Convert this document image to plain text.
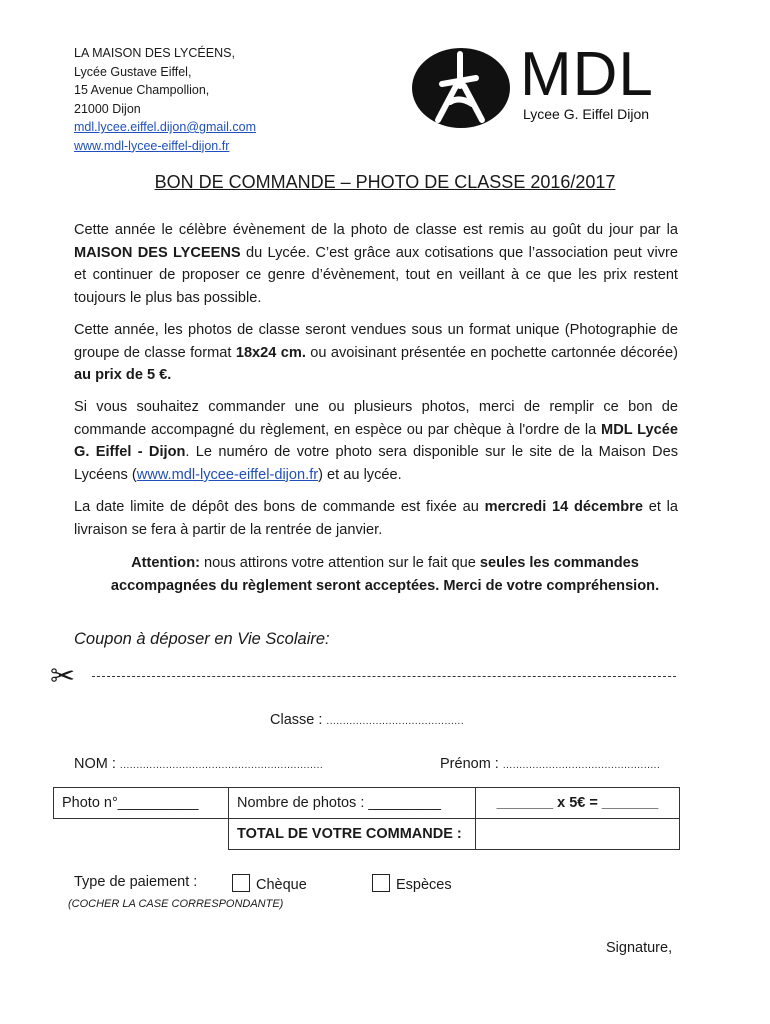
LA MAISON DES LYCÉENS,
Lycée Gustave Eiffel,
15 Avenue Champollion,
21000 Dijon
mdl.lycee.eiffel.dijon@gmail.com
www.mdl-lycee-eiffel-dijon.fr
MDL
Lycee G. Eiffel Dijon
BON DE COMMANDE – PHOTO DE CLASSE 2016/2017
Cette année le célèbre évènement de la photo de classe est remis au goût du jour par la MAISON DES LYCEENS du Lycée. C’est grâce aux cotisations que l’association peut vivre et continuer de proposer ce genre d’évènement, tout en veillant à ce que les prix restent toujours le plus bas possible.
Cette année, les photos de classe seront vendues sous un format unique (Photographie de groupe de classe format 18x24 cm. ou avoisinant présentée en pochette cartonnée décorée) au prix de 5 €.
Si vous souhaitez commander une ou plusieurs photos, merci de remplir ce bon de commande accompagné du règlement, en espèce ou par chèque à l'ordre de la MDL Lycée G. Eiffel - Dijon. Le numéro de votre photo sera disponible sur le site de la Maison Des Lycéens (www.mdl-lycee-eiffel-dijon.fr) et au lycée.
La date limite de dépôt des bons de commande est fixée au mercredi 14 décembre et la livraison se fera à partir de la rentrée de janvier.
Attention: nous attirons votre attention sur le fait que seules les commandes accompagnées du règlement seront acceptées. Merci de votre compréhension.
Coupon à déposer en Vie Scolaire:
✂
Classe : ..........................................
NOM : ..............................................................	Prénom : ................................................
Photo n°__________	Nombre de photos : _________	_______ x 5€ = _______
	TOTAL DE VOTRE COMMANDE :	
Type de paiement :	Chèque	Espèces
(COCHER LA CASE CORRESPONDANTE)
Signature,
